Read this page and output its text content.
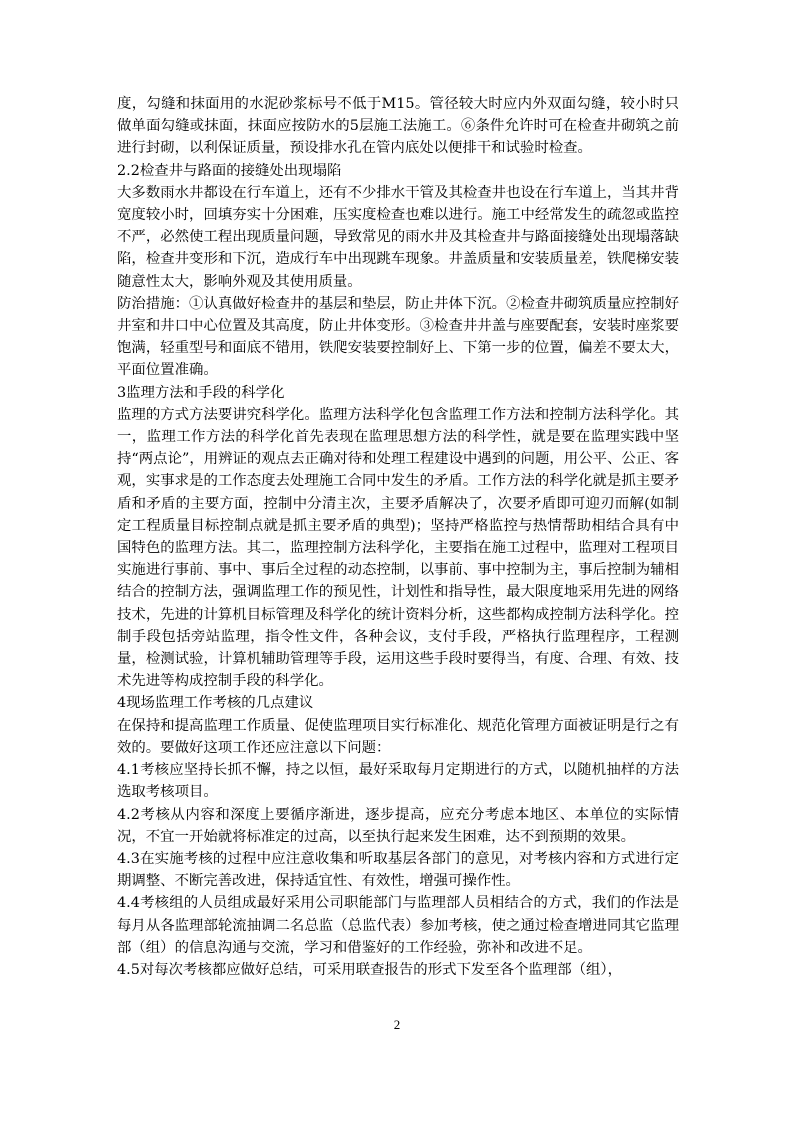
度，勾缝和抹面用的水泥砂浆标号不低于M15。管径较大时应内外双面勾缝，较小时只做单面勾缝或抹面，抹面应按防水的5层施工法施工。⑥条件允许时可在检查井砌筑之前进行封砌，以利保证质量，预设排水孔在管内底处以便排干和试验时检查。

2.2检查井与路面的接缝处出现塌陷

大多数雨水井都设在行车道上，还有不少排水干管及其检查井也设在行车道上，当其井背宽度较小时，回填夯实十分困难，压实度检查也难以进行。施工中经常发生的疏忽或监控不严，必然使工程出现质量问题，导致常见的雨水井及其检查井与路面接缝处出现塌落缺陷，检查井变形和下沉，造成行车中出现跳车现象。井盖质量和安装质量差，铁爬梯安装随意性太大，影响外观及其使用质量。

防治措施：①认真做好检查井的基层和垫层，防止井体下沉。②检查井砌筑质量应控制好井室和井口中心位置及其高度，防止井体变形。③检查井井盖与座要配套，安装时座浆要饱满，轻重型号和面底不错用，铁爬安装要控制好上、下第一步的位置，偏差不要太大，平面位置准确。

3监理方法和手段的科学化

监理的方式方法要讲究科学化。监理方法科学化包含监理工作方法和控制方法科学化。其一，监理工作方法的科学化首先表现在监理思想方法的科学性，就是要在监理实践中坚持“两点论”，用辨证的观点去正确对待和处理工程建设中遇到的问题，用公平、公正、客观，实事求是的工作态度去处理施工合同中发生的矛盾。工作方法的科学化就是抓主要矛盾和矛盾的主要方面，控制中分清主次，主要矛盾解决了，次要矛盾即可迎刃而解(如制定工程质量目标控制点就是抓主要矛盾的典型)；坚持严格监控与热情帮助相结合具有中国特色的监理方法。其二，监理控制方法科学化，主要指在施工过程中，监理对工程项目实施进行事前、事中、事后全过程的动态控制，以事前、事中控制为主，事后控制为辅相结合的控制方法，强调监理工作的预见性，计划性和指导性，最大限度地采用先进的网络技术，先进的计算机目标管理及科学化的统计资料分析，这些都构成控制方法科学化。控制手段包括旁站监理，指令性文件，各种会议，支付手段，严格执行监理程序，工程测量，检测试验，计算机辅助管理等手段，运用这些手段时要得当，有度、合理、有效、技术先进等构成控制手段的科学化。

4现场监理工作考核的几点建议

在保持和提高监理工作质量、促使监理项目实行标准化、规范化管理方面被证明是行之有效的。要做好这项工作还应注意以下问题：

4.1考核应坚持长抓不懈，持之以恒，最好采取每月定期进行的方式，以随机抽样的方法选取考核项目。

4.2考核从内容和深度上要循序渐进，逐步提高，应充分考虑本地区、本单位的实际情况，不宜一开始就将标准定的过高，以至执行起来发生困难，达不到预期的效果。

4.3在实施考核的过程中应注意收集和听取基层各部门的意见，对考核内容和方式进行定期调整、不断完善改进，保持适宜性、有效性，增强可操作性。

4.4考核组的人员组成最好采用公司职能部门与监理部人员相结合的方式，我们的作法是每月从各监理部轮流抽调二名总监（总监代表）参加考核，使之通过检查增进同其它监理部（组）的信息沟通与交流，学习和借鉴好的工作经验，弥补和改进不足。

4.5对每次考核都应做好总结，可采用联查报告的形式下发至各个监理部（组），

2
